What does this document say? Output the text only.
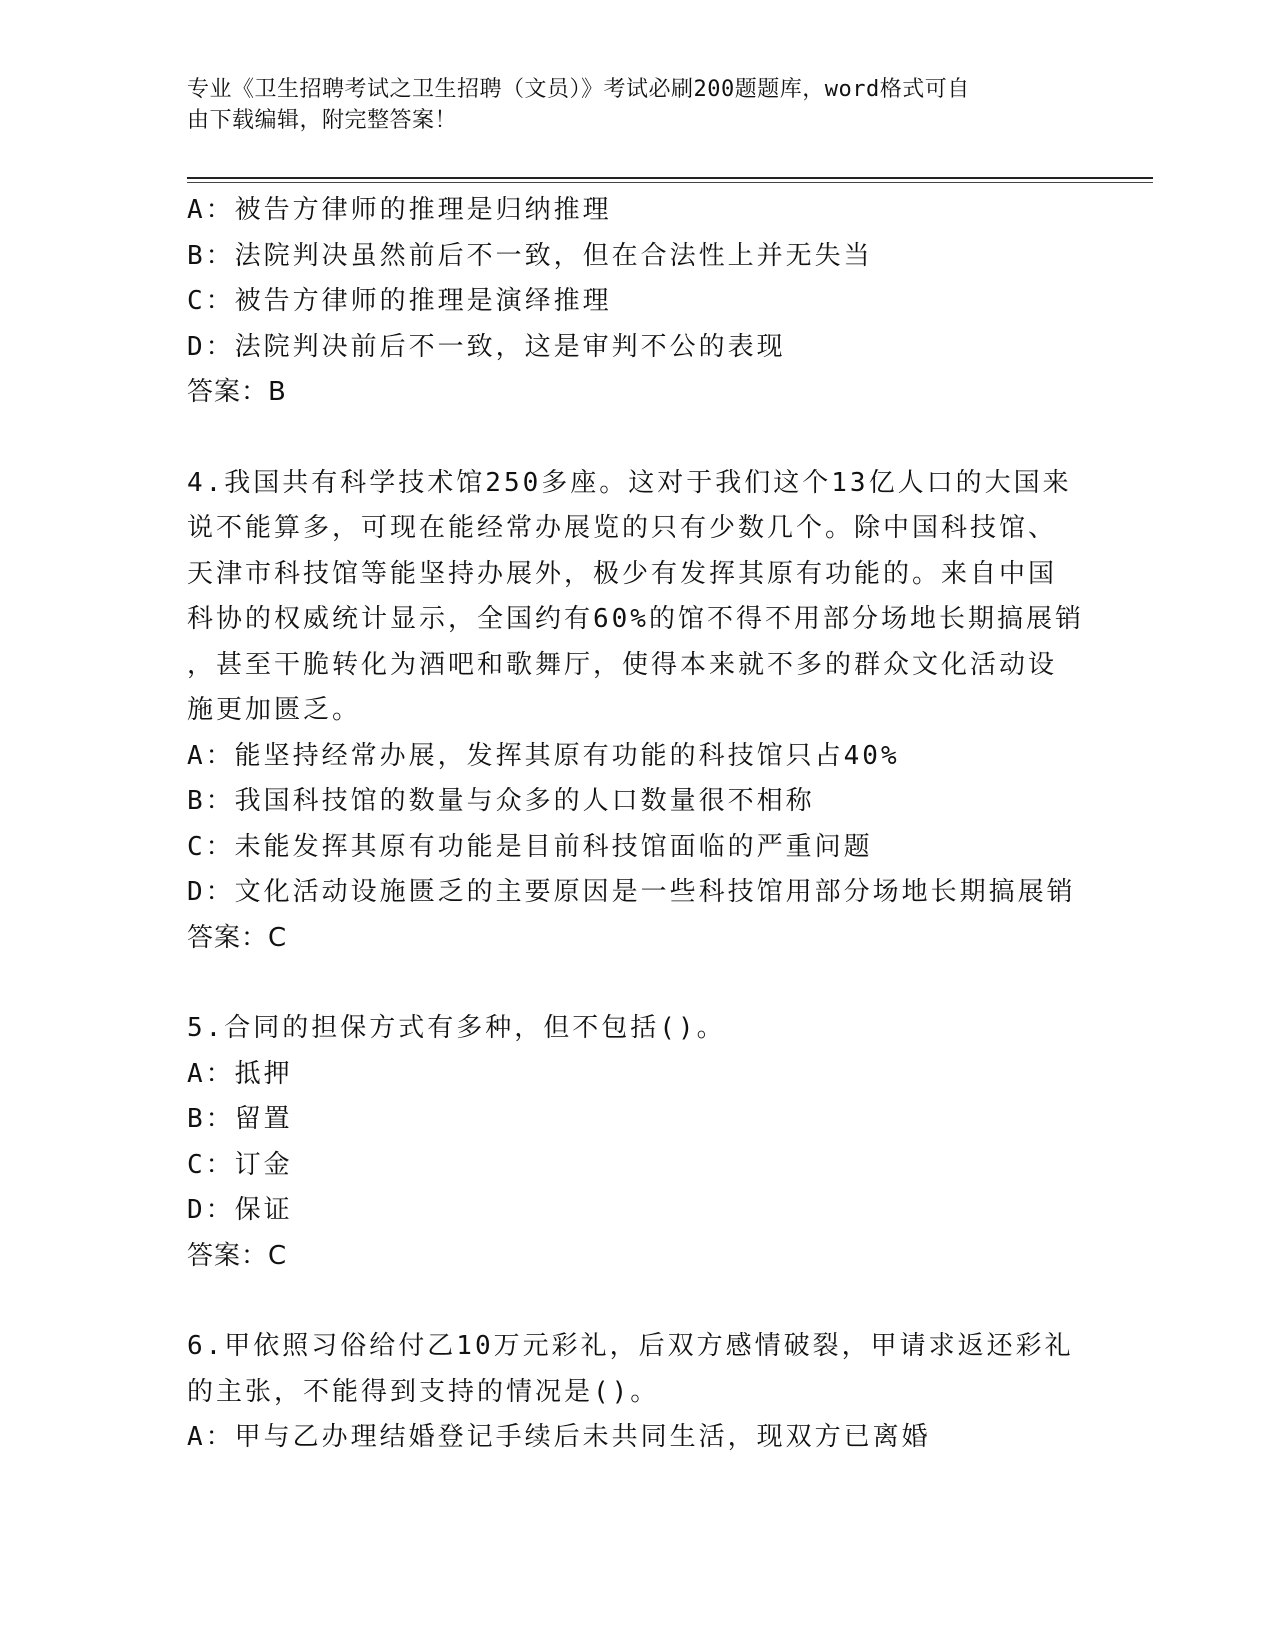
专业《卫生招聘考试之卫生招聘（文员）》考试必刷200题题库，word格式可自
由下载编辑，附完整答案！
A：被告方律师的推理是归纳推理
B：法院判决虽然前后不一致，但在合法性上并无失当
C：被告方律师的推理是演绎推理
D：法院判决前后不一致，这是审判不公的表现
答案：B
4.我国共有科学技术馆250多座。这对于我们这个13亿人口的大国来
说不能算多，可现在能经常办展览的只有少数几个。除中国科技馆、
天津市科技馆等能坚持办展外，极少有发挥其原有功能的。来自中国
科协的权威统计显示，全国约有60%的馆不得不用部分场地长期搞展销
，甚至干脆转化为酒吧和歌舞厅，使得本来就不多的群众文化活动设
施更加匮乏。
A：能坚持经常办展，发挥其原有功能的科技馆只占40%
B：我国科技馆的数量与众多的人口数量很不相称
C：未能发挥其原有功能是目前科技馆面临的严重问题
D：文化活动设施匮乏的主要原因是一些科技馆用部分场地长期搞展销
答案：C
5.合同的担保方式有多种，但不包括()。
A：抵押
B：留置
C：订金
D：保证
答案：C
6.甲依照习俗给付乙10万元彩礼，后双方感情破裂，甲请求返还彩礼
的主张，不能得到支持的情况是()。
A：甲与乙办理结婚登记手续后未共同生活，现双方已离婚
